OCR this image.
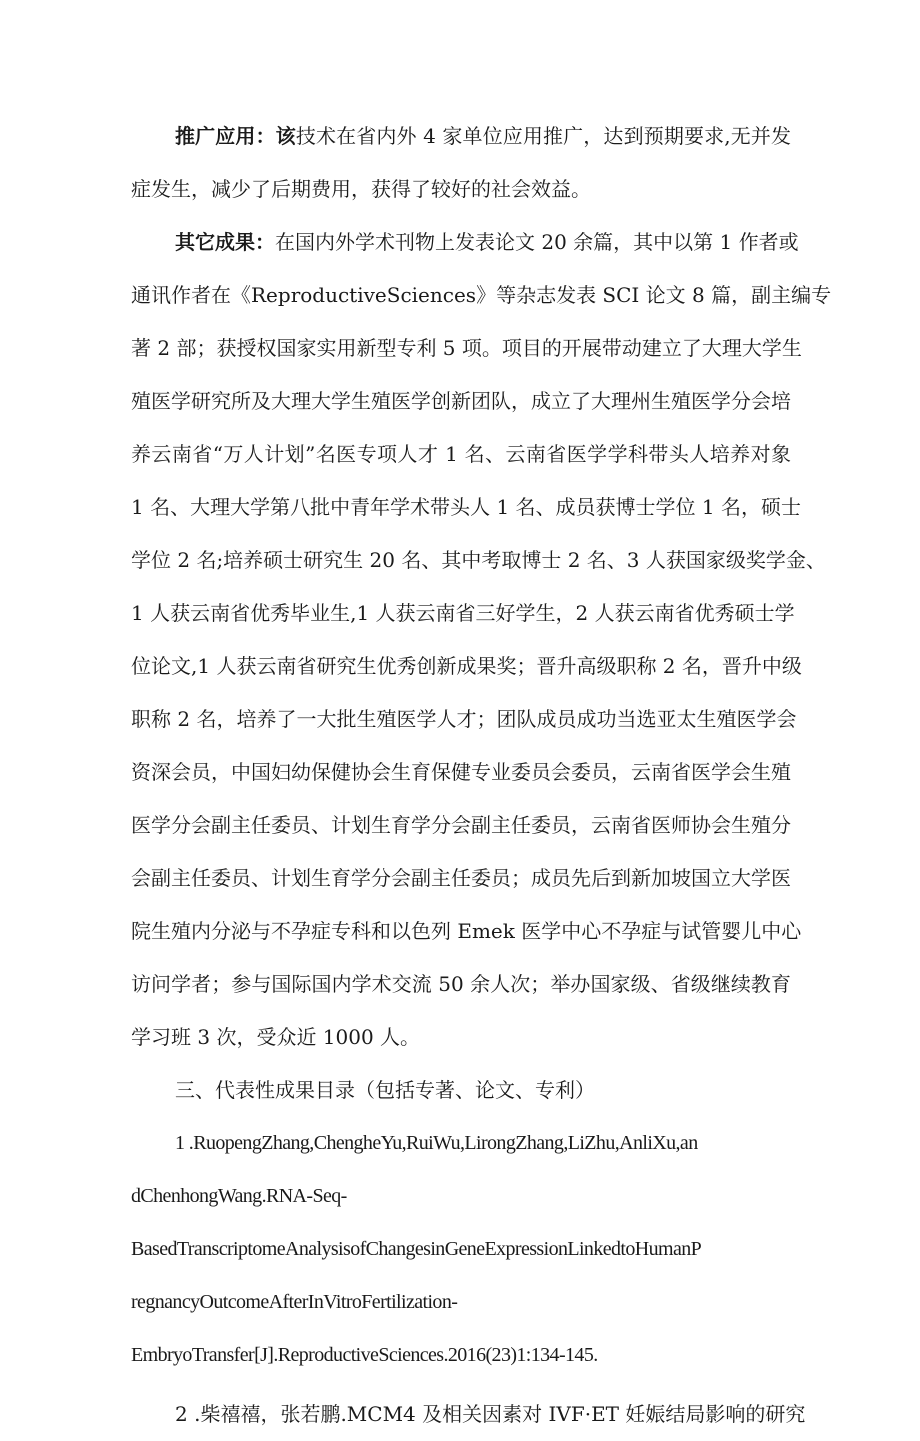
推广应用：该技术在省内外 4 家单位应用推广，达到预期要求,无并发
症发生，减少了后期费用，获得了较好的社会效益。
其它成果：在国内外学术刊物上发表论文 20 余篇，其中以第 1 作者或
通讯作者在《ReproductiveSciences》等杂志发表 SCI 论文 8 篇，副主编专
著 2 部；获授权国家实用新型专利 5 项。项目的开展带动建立了大理大学生
殖医学研究所及大理大学生殖医学创新团队，成立了大理州生殖医学分会培
养云南省“万人计划”名医专项人才 1 名、云南省医学学科带头人培养对象
1 名、大理大学第八批中青年学术带头人 1 名、成员获博士学位 1 名，硕士
学位 2 名;培养硕士研究生 20 名、其中考取博士 2 名、3 人获国家级奖学金、
1 人获云南省优秀毕业生,1 人获云南省三好学生，2 人获云南省优秀硕士学
位论文,1 人获云南省研究生优秀创新成果奖；晋升高级职称 2 名，晋升中级
职称 2 名，培养了一大批生殖医学人才；团队成员成功当选亚太生殖医学会
资深会员，中国妇幼保健协会生育保健专业委员会委员，云南省医学会生殖
医学分会副主任委员、计划生育学分会副主任委员，云南省医师协会生殖分
会副主任委员、计划生育学分会副主任委员；成员先后到新加坡国立大学医
院生殖内分泌与不孕症专科和以色列 Emek 医学中心不孕症与试管婴儿中心
访问学者；参与国际国内学术交流 50 余人次；举办国家级、省级继续教育
学习班 3 次，受众近 1000 人。
三、代表性成果目录（包括专著、论文、专利）
1 .RuopengZhang,ChengheYu,RuiWu,LirongZhang,LiZhu,AnliXu,an
dChenhongWang.RNA-Seq-
BasedTranscriptomeAnalysisofChangesinGeneExpressionLinkedtoHumanP
regnancyOutcomeAfterInVitroFertilization-
EmbryoTransfer[J].ReproductiveSciences.2016(23)1:134-145.
2 .柴禧禧，张若鹏.MCM4 及相关因素对 IVF·ET 妊娠结局影响的研究
